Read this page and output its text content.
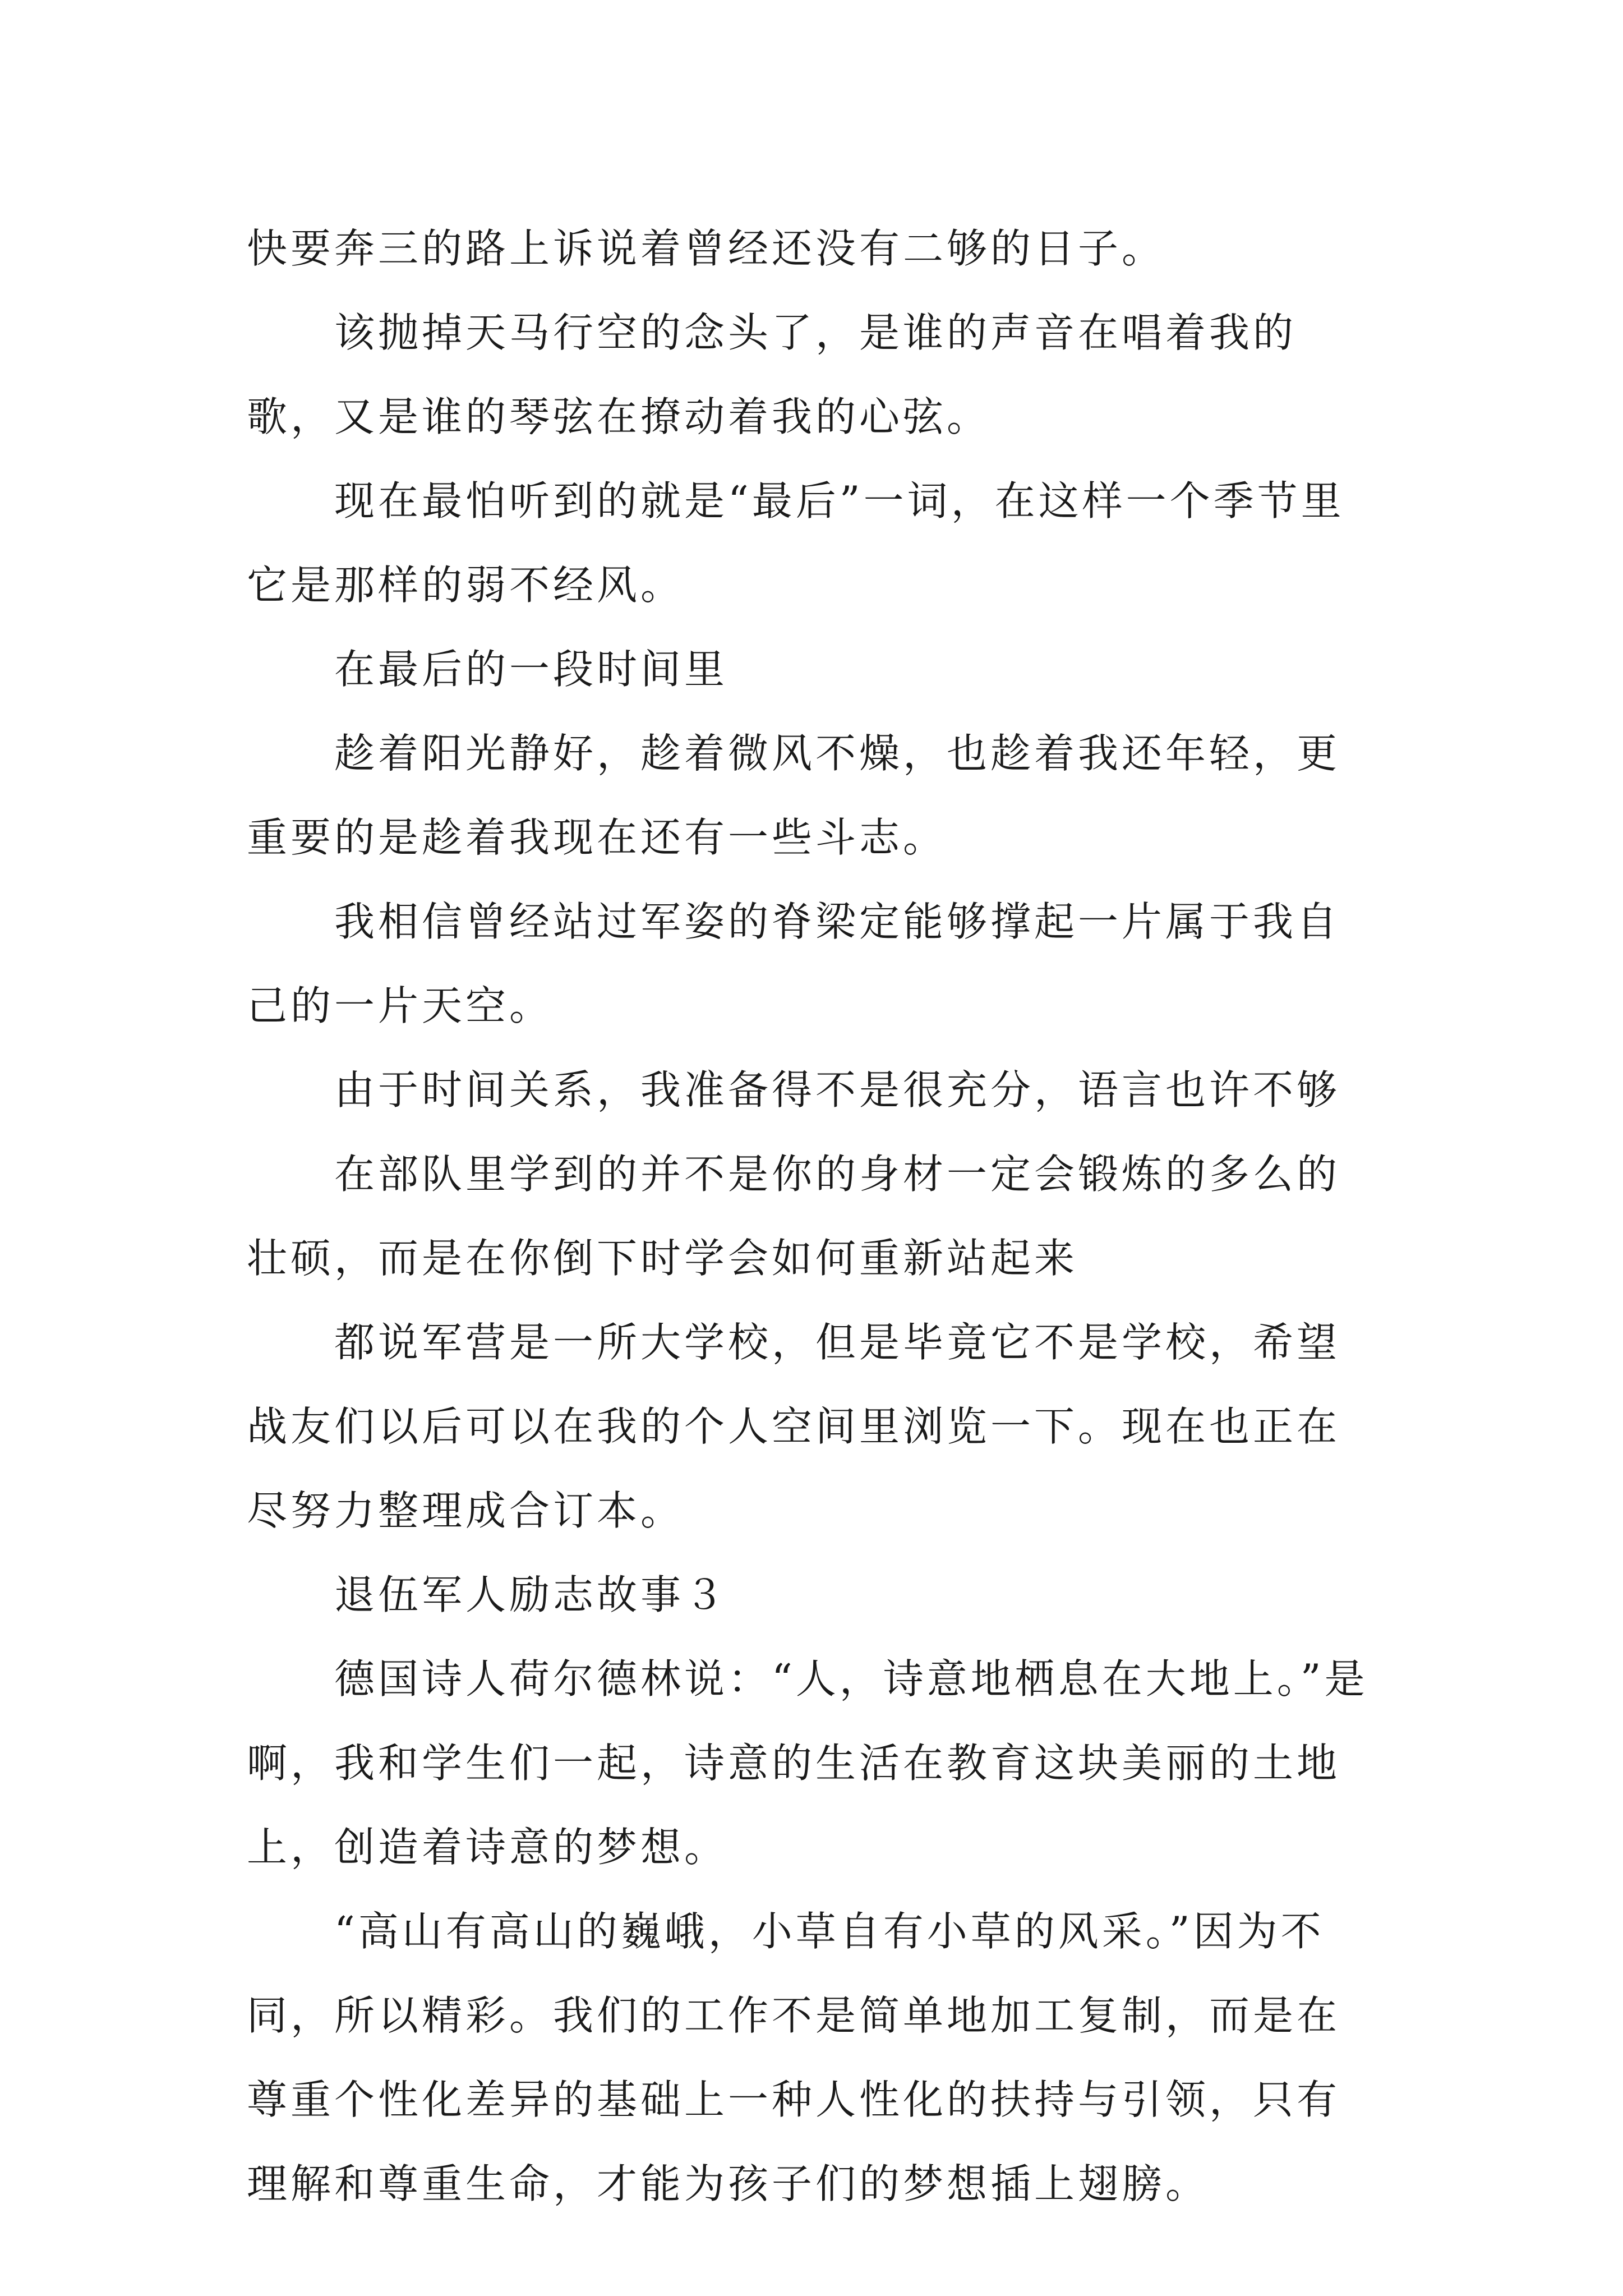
快要奔三的路上诉说着曾经还没有二够的日子。

该抛掉天马行空的念头了，是谁的声音在唱着我的歌，又是谁的琴弦在撩动着我的心弦。

现在最怕听到的就是“最后”一词，在这样一个季节里它是那样的弱不经风。

在最后的一段时间里

趁着阳光静好，趁着微风不燥，也趁着我还年轻，更重要的是趁着我现在还有一些斗志。

我相信曾经站过军姿的脊梁定能够撑起一片属于我自己的一片天空。

由于时间关系，我准备得不是很充分，语言也许不够

在部队里学到的并不是你的身材一定会锻炼的多么的壮硕，而是在你倒下时学会如何重新站起来

都说军营是一所大学校，但是毕竟它不是学校，希望战友们以后可以在我的个人空间里浏览一下。现在也正在尽努力整理成合订本。

退伍军人励志故事３

德国诗人荷尔德林说：“人，诗意地栖息在大地上。”是啊，我和学生们一起，诗意的生活在教育这块美丽的土地上，创造着诗意的梦想。

“高山有高山的巍峨，小草自有小草的风采。”因为不同，所以精彩。我们的工作不是简单地加工复制，而是在尊重个性化差异的基础上一种人性化的扶持与引领，只有理解和尊重生命，才能为孩子们的梦想插上翅膀。
